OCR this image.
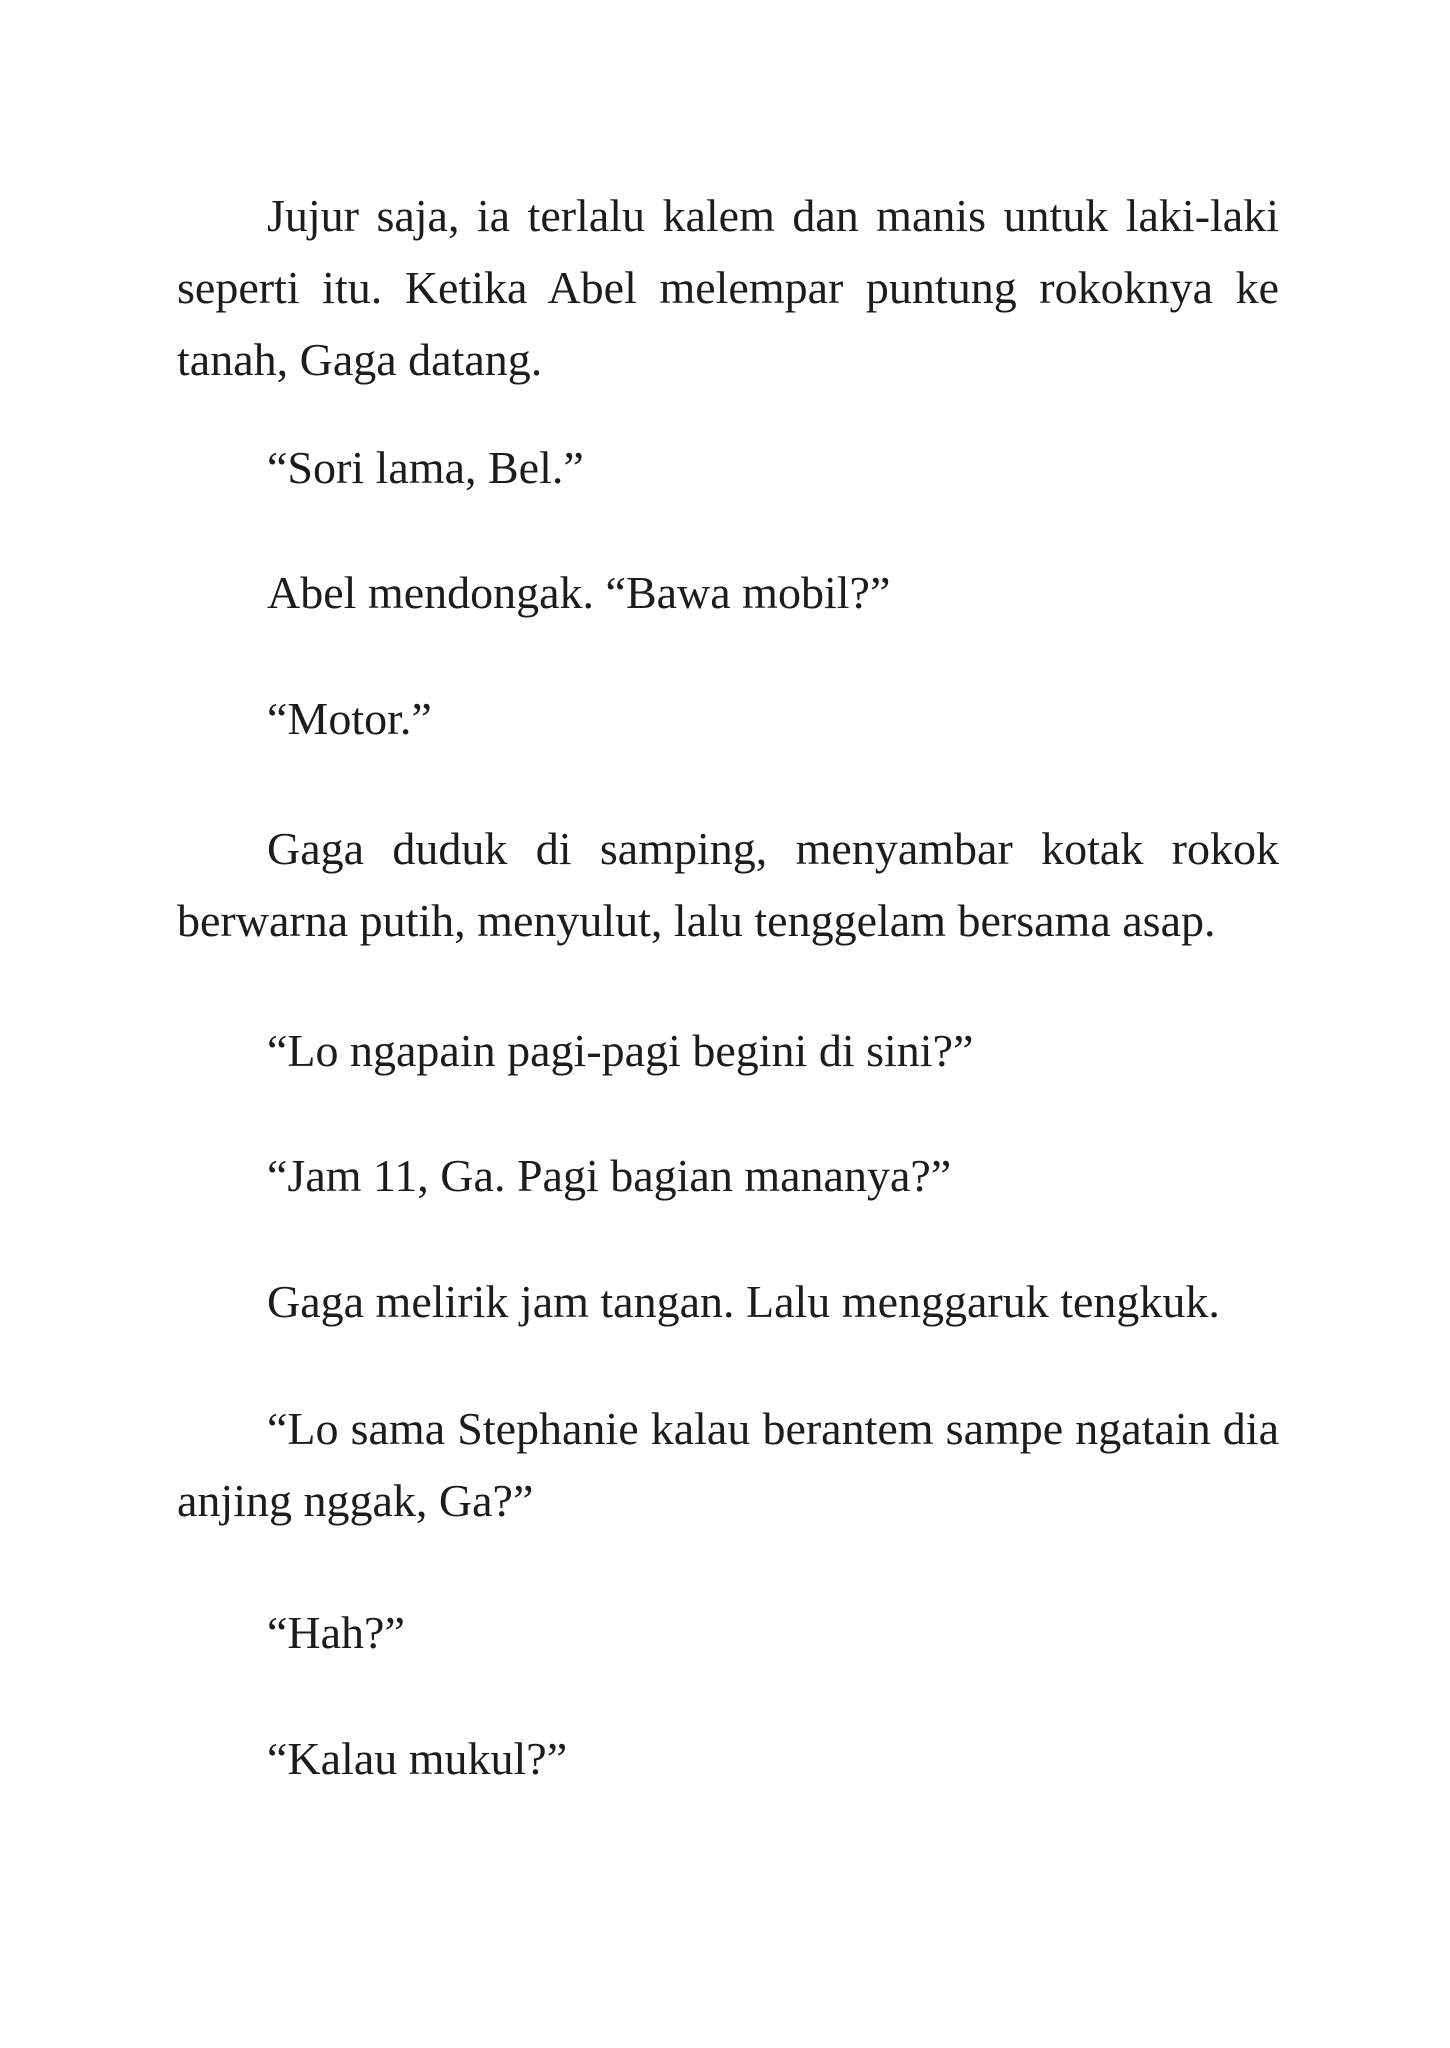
Jujur saja, ia terlalu kalem dan manis untuk laki-laki seperti itu. Ketika Abel melempar puntung rokoknya ke tanah, Gaga datang.

“Sori lama, Bel.”

Abel mendongak. “Bawa mobil?”

“Motor.”

Gaga duduk di samping, menyambar kotak rokok berwarna putih, menyulut, lalu tenggelam bersama asap.

“Lo ngapain pagi-pagi begini di sini?”

“Jam 11, Ga. Pagi bagian mananya?”

Gaga melirik jam tangan. Lalu menggaruk tengkuk.

“Lo sama Stephanie kalau berantem sampe ngatain dia anjing nggak, Ga?”

“Hah?”

“Kalau mukul?”
